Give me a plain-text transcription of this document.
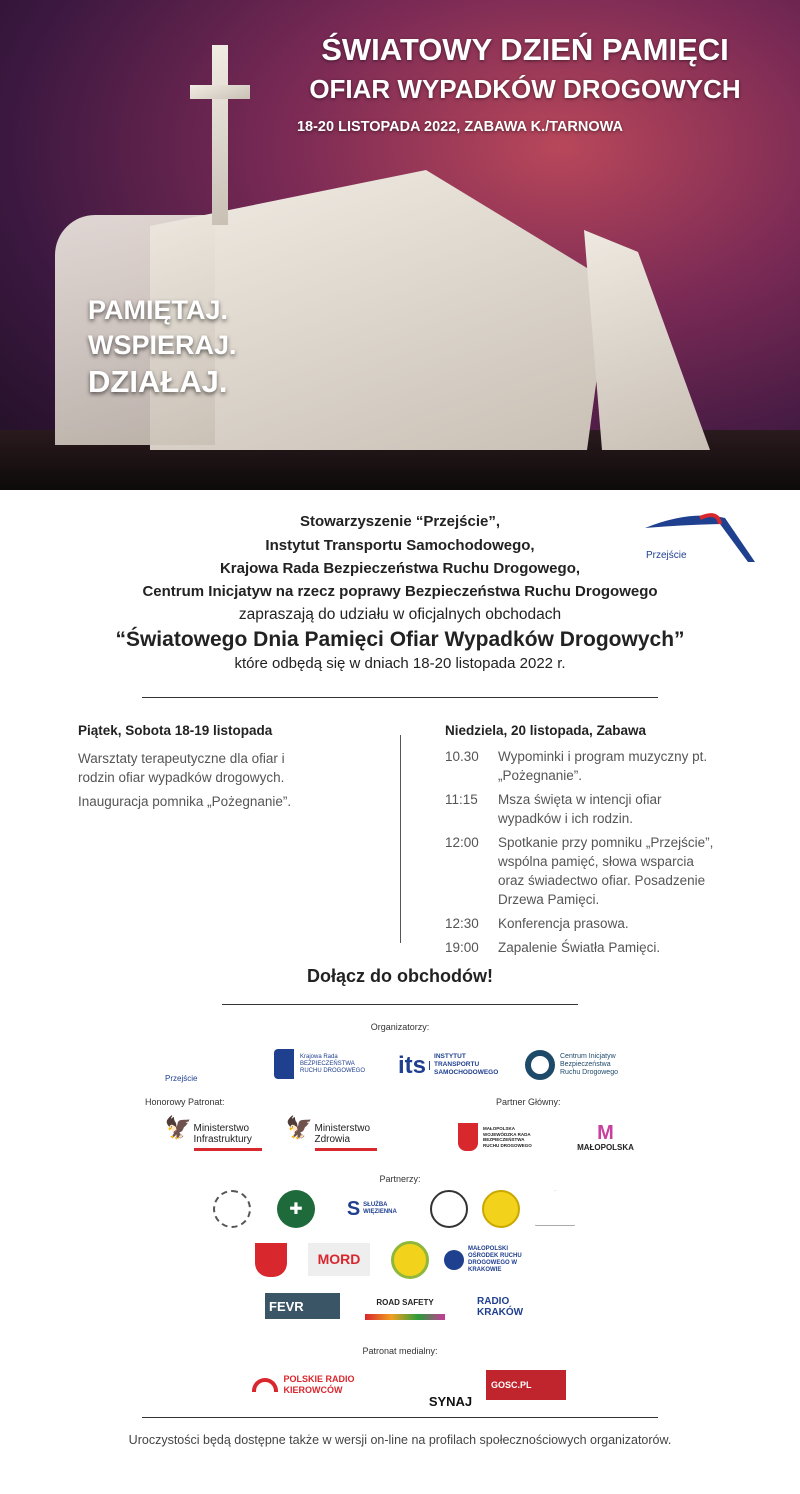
ŚWIATOWY DZIEŃ PAMIĘCI
OFIAR WYPADKÓW DROGOWYCH
18-20 LISTOPADA 2022, ZABAWA K./TARNOWA
PAMIĘTAJ.
WSPIERAJ.
DZIAŁAJ.
Stowarzyszenie “Przejście”,
Instytut Transportu Samochodowego,
Krajowa Rada Bezpieczeństwa Ruchu Drogowego,
Centrum Inicjatyw na rzecz poprawy Bezpieczeństwa Ruchu Drogowego
zapraszają do udziału w oficjalnych obchodach
“Światowego Dnia Pamięci Ofiar Wypadków Drogowych”
które odbędą się w dniach 18-20 listopada 2022 r.
Przejście
Piątek, Sobota 18-19 listopada
Warsztaty terapeutyczne dla ofiar i rodzin ofiar wypadków drogowych.
Inauguracja pomnika „Pożegnanie”.
Niedziela, 20 listopada, Zabawa
10.30	Wypominki i program muzyczny pt. „Pożegnanie”.
11:15	Msza święta w intencji ofiar wypadków i ich rodzin.
12:00	Spotkanie przy pomniku „Przejście”, wspólna pamięć, słowa wsparcia oraz świadectwo ofiar. Posadzenie Drzewa Pamięci.
12:30	Konferencja prasowa.
19:00	Zapalenie Światła Pamięci.
Dołącz do obchodów!
Organizatorzy:
Przejście
Krajowa Rada BEZPIECZEŃSTWA RUCHU DROGOWEGO its	INSTYTUT TRANSPORTU SAMOCHODOWEGO
Centrum Inicjatyw Bezpieczeństwa Ruchu Drogowego
Honorowy Patronat:	Partner Główny:
🦅 Ministerstwo Infrastruktury	🦅 Ministerstwo Zdrowia
MAŁOPOLSKA WOJEWÓDZKA RADA BEZPIECZEŃSTWA RUCHU DROGOWEGO
M
MAŁOPOLSKA
Partnerzy:
✚	S SŁUŻBA WIĘZIENNA
MORD
MAŁOPOLSKI OŚRODEK RUCHU DROGOWEGO W KRAKOWIE
FEVR	ROAD SAFETY	RADIO KRAKÓW
Patronat medialny:
POLSKIE RADIO KIEROWCÓW
SYNAJ
GOSC.PL
Uroczystości będą dostępne także w wersji on-line na profilach społecznościowych organizatorów.
